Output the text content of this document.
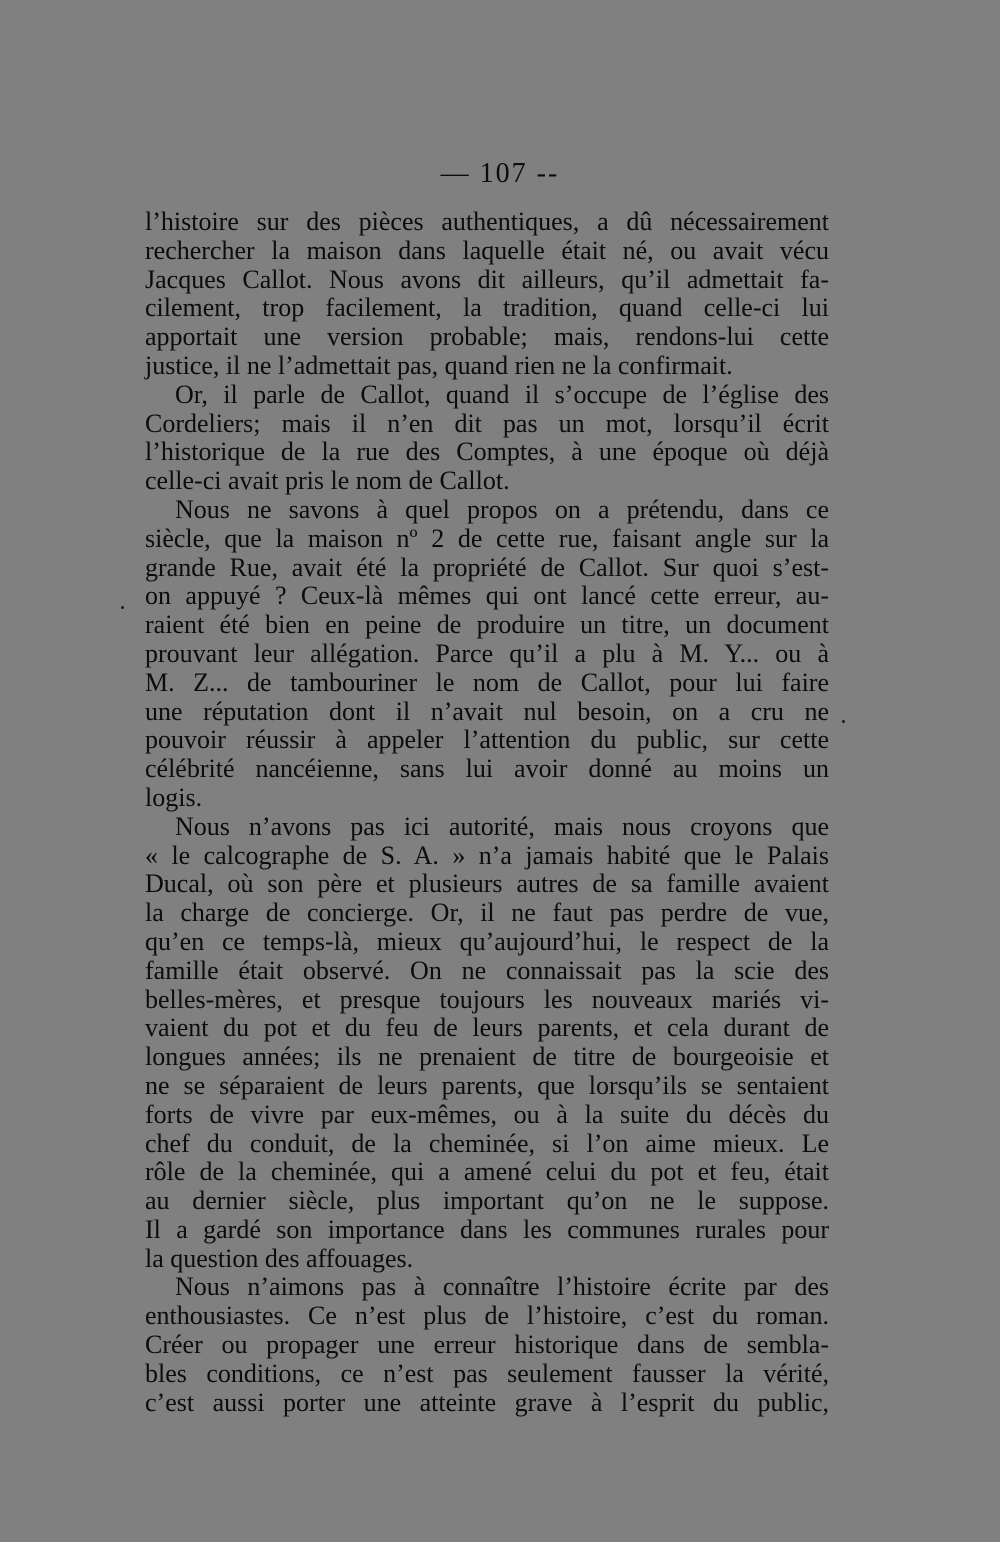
— 107 --
l’histoire sur des pièces authentiques, a dû nécessairement
rechercher la maison dans laquelle était né, ou avait vécu
Jacques Callot. Nous avons dit ailleurs, qu’il admettait fa-
cilement, trop facilement, la tradition, quand celle-ci lui
apportait une version probable; mais, rendons-lui cette
justice, il ne l’admettait pas, quand rien ne la confirmait.
Or, il parle de Callot, quand il s’occupe de l’église des
Cordeliers; mais il n’en dit pas un mot, lorsqu’il écrit
l’historique de la rue des Comptes, à une époque où déjà
celle-ci avait pris le nom de Callot.
Nous ne savons à quel propos on a prétendu, dans ce
siècle, que la maison nº 2 de cette rue, faisant angle sur la
grande Rue, avait été la propriété de Callot. Sur quoi s’est-
on appuyé ? Ceux-là mêmes qui ont lancé cette erreur, au-
raient été bien en peine de produire un titre, un document
prouvant leur allégation. Parce qu’il a plu à M. Y... ou à
M. Z... de tambouriner le nom de Callot, pour lui faire
une réputation dont il n’avait nul besoin, on a cru ne
pouvoir réussir à appeler l’attention du public, sur cette
célébrité nancéienne, sans lui avoir donné au moins un
logis.
Nous n’avons pas ici autorité, mais nous croyons que
« le calcographe de S. A. » n’a jamais habité que le Palais
Ducal, où son père et plusieurs autres de sa famille avaient
la charge de concierge. Or, il ne faut pas perdre de vue,
qu’en ce temps-là, mieux qu’aujourd’hui, le respect de la
famille était observé. On ne connaissait pas la scie des
belles-mères, et presque toujours les nouveaux mariés vi-
vaient du pot et du feu de leurs parents, et cela durant de
longues années; ils ne prenaient de titre de bourgeoisie et
ne se séparaient de leurs parents, que lorsqu’ils se sentaient
forts de vivre par eux-mêmes, ou à la suite du décès du
chef du conduit, de la cheminée, si l’on aime mieux. Le
rôle de la cheminée, qui a amené celui du pot et feu, était
au dernier siècle, plus important qu’on ne le suppose.
Il a gardé son importance dans les communes rurales pour
la question des affouages.
Nous n’aimons pas à connaître l’histoire écrite par des
enthousiastes. Ce n’est plus de l’histoire, c’est du roman.
Créer ou propager une erreur historique dans de sembla-
bles conditions, ce n’est pas seulement fausser la vérité,
c’est aussi porter une atteinte grave à l’esprit du public,
